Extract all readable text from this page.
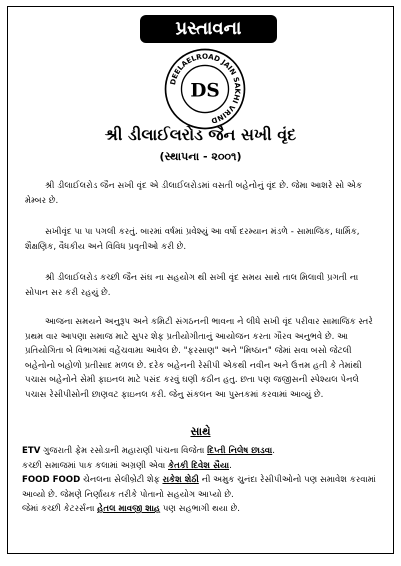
પ્રસ્તાવના
DEELAELROAD JAIN SAKHI VRIND
DS
શ્રી ડીલાઈલરોડ જૈન સખી વૃંદ
(સ્થાપના - ૨૦૦૧)

શ્રી ડીલાઈલરોડ જૈન સખી વૃંદ એ ડીલાઈલરોડમાં વસતી બહેનોનું વૃંદ છે. જેમા આશરે સો એક મેમ્બર છે.

સખીવૃંદ પા પા પગલી કરતું. બારમાં વર્ષમાં પ્રવેશ્યું આ વર્ષો દરમ્યાન મંડળે - સામાજિક, ધાર્મિક, શૈક્ષણિક, વૈધકીય અને વિવિધ પ્રવૃતીઓ કરી છે.

શ્રી ડીલાઈલરોડ કચ્છી જૈન સંઘ ના સહયોગ થી સખી વૃંદ સમય સાથે તાલ મિલાવી પ્રગતી ના સોપાન સર કરી રહયું છે.

આજના સમયને અનુરૂપ અને કમિટી સંગઠનની ભાવના ને લીધે સખી વૃંદ પરીવાર સામાજિક સ્તરે પ્રથમ વાર આપણા સમાજ માટે સુપર શેફ પ્રતીયોગીતાનું આયોજન કરતા ગૌરવ અનુભવે છે. આ પ્રતિયોગિતા બે વિભાગમાં વહેંચવામા આવેલ છે. "ફરસાણ" અને "મિષ્ઠાન" જેમાં સવા બસો જેટલી બહેનોનો બહોળો પ્રતીસાદ મળલ છે. દરેક બહેનની રેસીપી એકથી નવીન અને ઉત્તમ હતી કે તેમાંથી પચાસ બહેનોને સેમી ફાઇનલ માટે પસંદ કરવું ઘણી કઠીન હતુ. છતા પણ જજીસની સ્પેશ્યલ પેનલે પચાસ રેસીપીસોની છાણવટ ફાઇનલ કરી. જેનુ સંકલન આ પુસ્તકમાં કરવામાં આવ્યું છે.

સાથે

ETV ગુજરાતી ફેમ રસોડાની મહારાણી પાંચના વિજેતા દિપ્તી નિલેષ છાડવા.
કચ્છી સમાજમાં પાક કલામાં અગ્રણી એવા કેતકી દિવેશ સૈયા.
FOOD FOOD ચેનલના સેલીબ્રેટી શેફ રાકેશ શેઠી ની અમુક ચુનંદા રેસીપીઓનો પણ સમાવેશ કરવામાં આવ્યો છે. જેમણે નિર્ણાયક તરીકે પોતાનો સહયોગ આપ્યો છે.
જેમાં કચ્છી કેટરર્સના હેતલ માવજી શાહ પણ સહભાગી થયા છે.
